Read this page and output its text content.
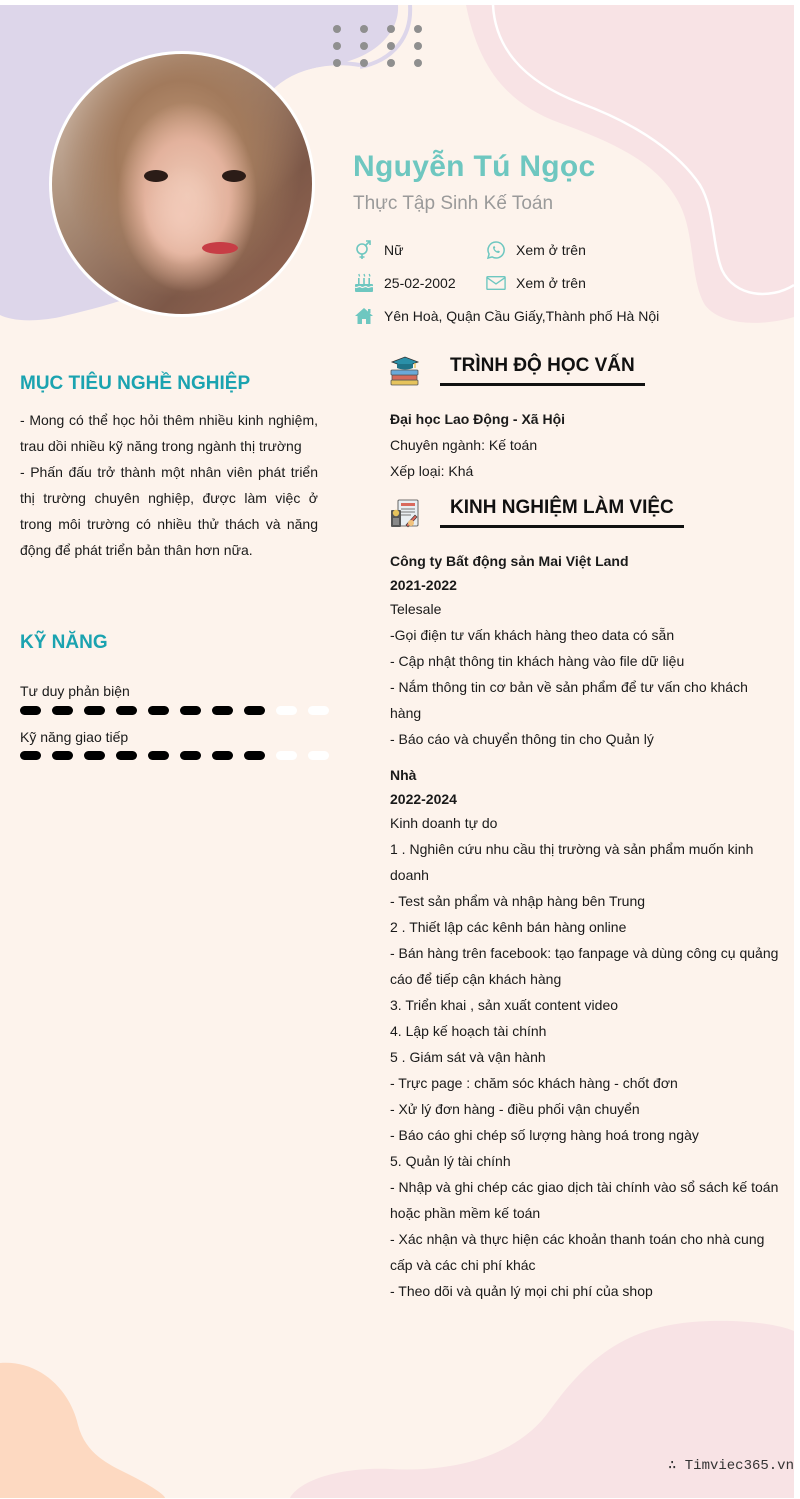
Nguyễn Tú Ngọc
Thực Tập Sinh Kế Toán
Nữ	Xem ở trên
25-02-2002	Xem ở trên
Yên Hoà, Quận Cầu Giấy,Thành phố Hà Nội
MỤC TIÊU NGHỀ NGHIỆP
- Mong có thể học hỏi thêm nhiều kinh nghiệm, trau dồi nhiều kỹ năng trong ngành thị trường
- Phấn đấu trở thành một nhân viên phát triển thị trường chuyên nghiệp, được làm việc ở trong môi trường có nhiều thử thách và năng động để phát triển bản thân hơn nữa.
KỸ NĂNG
Tư duy phản biện
Kỹ năng giao tiếp
TRÌNH ĐỘ HỌC VẤN
Đại học Lao Động - Xã Hội
Chuyên ngành: Kế toán
Xếp loại: Khá
KINH NGHIỆM LÀM VIỆC
Công ty Bất động sản Mai Việt Land
2021-2022
Telesale
-Gọi điện tư vấn khách hàng theo data có sẵn
- Cập nhật thông tin khách hàng vào file dữ liệu
- Nắm thông tin cơ bản về sản phẩm để tư vấn cho khách hàng
- Báo cáo và chuyển thông tin cho Quản lý
Nhà
2022-2024
Kinh doanh tự do
1 . Nghiên cứu nhu cầu thị trường và sản phẩm muốn kinh doanh
- Test sản phẩm và nhập hàng bên Trung
2 . Thiết lập các kênh bán hàng online
- Bán hàng trên facebook: tạo fanpage và dùng công cụ quảng cáo để tiếp cận khách hàng
3. Triển khai , sản xuất content video
4. Lập kế hoạch tài chính
5 . Giám sát và vận hành
- Trực page : chăm sóc khách hàng - chốt đơn
- Xử lý đơn hàng - điều phối vận chuyển
- Báo cáo ghi chép số lượng hàng hoá trong ngày
5. Quản lý tài chính
- Nhập và ghi chép các giao dịch tài chính vào sổ sách kế toán hoặc phần mềm kế toán
- Xác nhận và thực hiện các khoản thanh toán cho nhà cung cấp và các chi phí khác
- Theo dõi và quản lý mọi chi phí của shop
∴ Timviec365.vn
